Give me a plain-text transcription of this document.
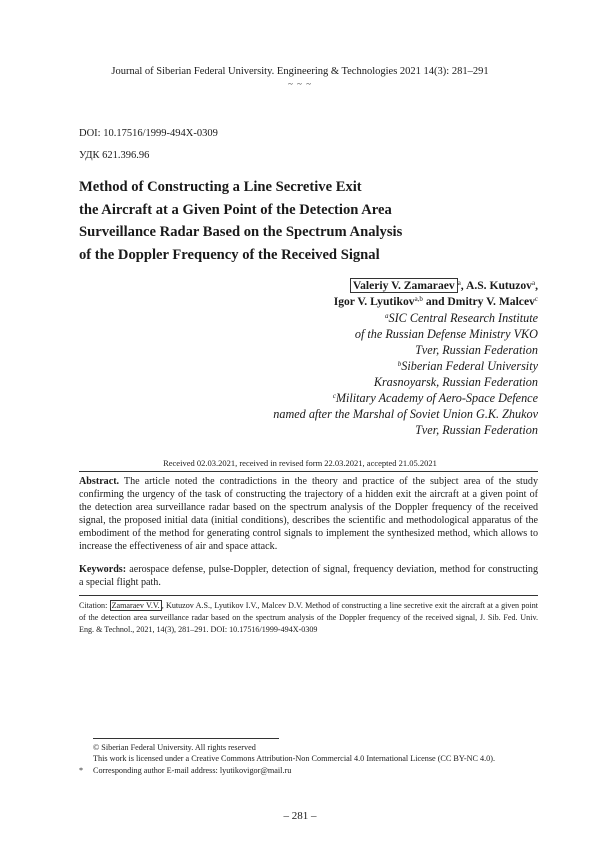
Journal of Siberian Federal University. Engineering & Technologies 2021 14(3): 281–291
~ ~ ~
DOI: 10.17516/1999-494X-0309
УДК 621.396.96
Method of Constructing a Line Secretive Exit
the Aircraft at a Given Point of the Detection Area
Surveillance Radar Based on the Spectrum Analysis
of the Doppler Frequency of the Received Signal
Valeriy V. Zamaraev $^a$, A.S. Kutuzov$^a$,
Igor V. Lyutikov$^{a,b}$ and Dmitry V. Malcev$^c$
$^a$SIC Central Research Institute
of the Russian Defense Ministry VKO
Tver, Russian Federation
$^b$Siberian Federal University
Krasnoyarsk, Russian Federation
$^c$Military Academy of Aero-Space Defence
named after the Marshal of Soviet Union G.K. Zhukov
Tver, Russian Federation
Received 02.03.2021, received in revised form 22.03.2021, accepted 21.05.2021
Abstract. The article noted the contradictions in the theory and practice of the subject area of the study confirming the urgency of the task of constructing the trajectory of a hidden exit the aircraft at a given point of the detection area surveillance radar based on the spectrum analysis of the Doppler frequency of the received signal, the proposed initial data (initial conditions), describes the scientific and methodological apparatus of the embodiment of the method for generating control signals to implement the synthesized method, which allows to increase the effectiveness of air and space attack.
Keywords: aerospace defense, pulse-Doppler, detection of signal, frequency deviation, method for constructing a special flight path.
Citation: Zamaraev V.V. , Kutuzov A.S., Lyutikov I.V., Malcev D.V. Method of constructing a line secretive exit the aircraft at a given point of the detection area surveillance radar based on the spectrum analysis of the Doppler frequency of the received signal, J. Sib. Fed. Univ. Eng. & Technol., 2021, 14(3), 281–291. DOI: 10.17516/1999-494X-0309
© Siberian Federal University. All rights reserved
This work is licensed under a Creative Commons Attribution-Non Commercial 4.0 International License (CC BY-NC 4.0).
* Corresponding author E-mail address: lyutikovigor@mail.ru
– 281 –
